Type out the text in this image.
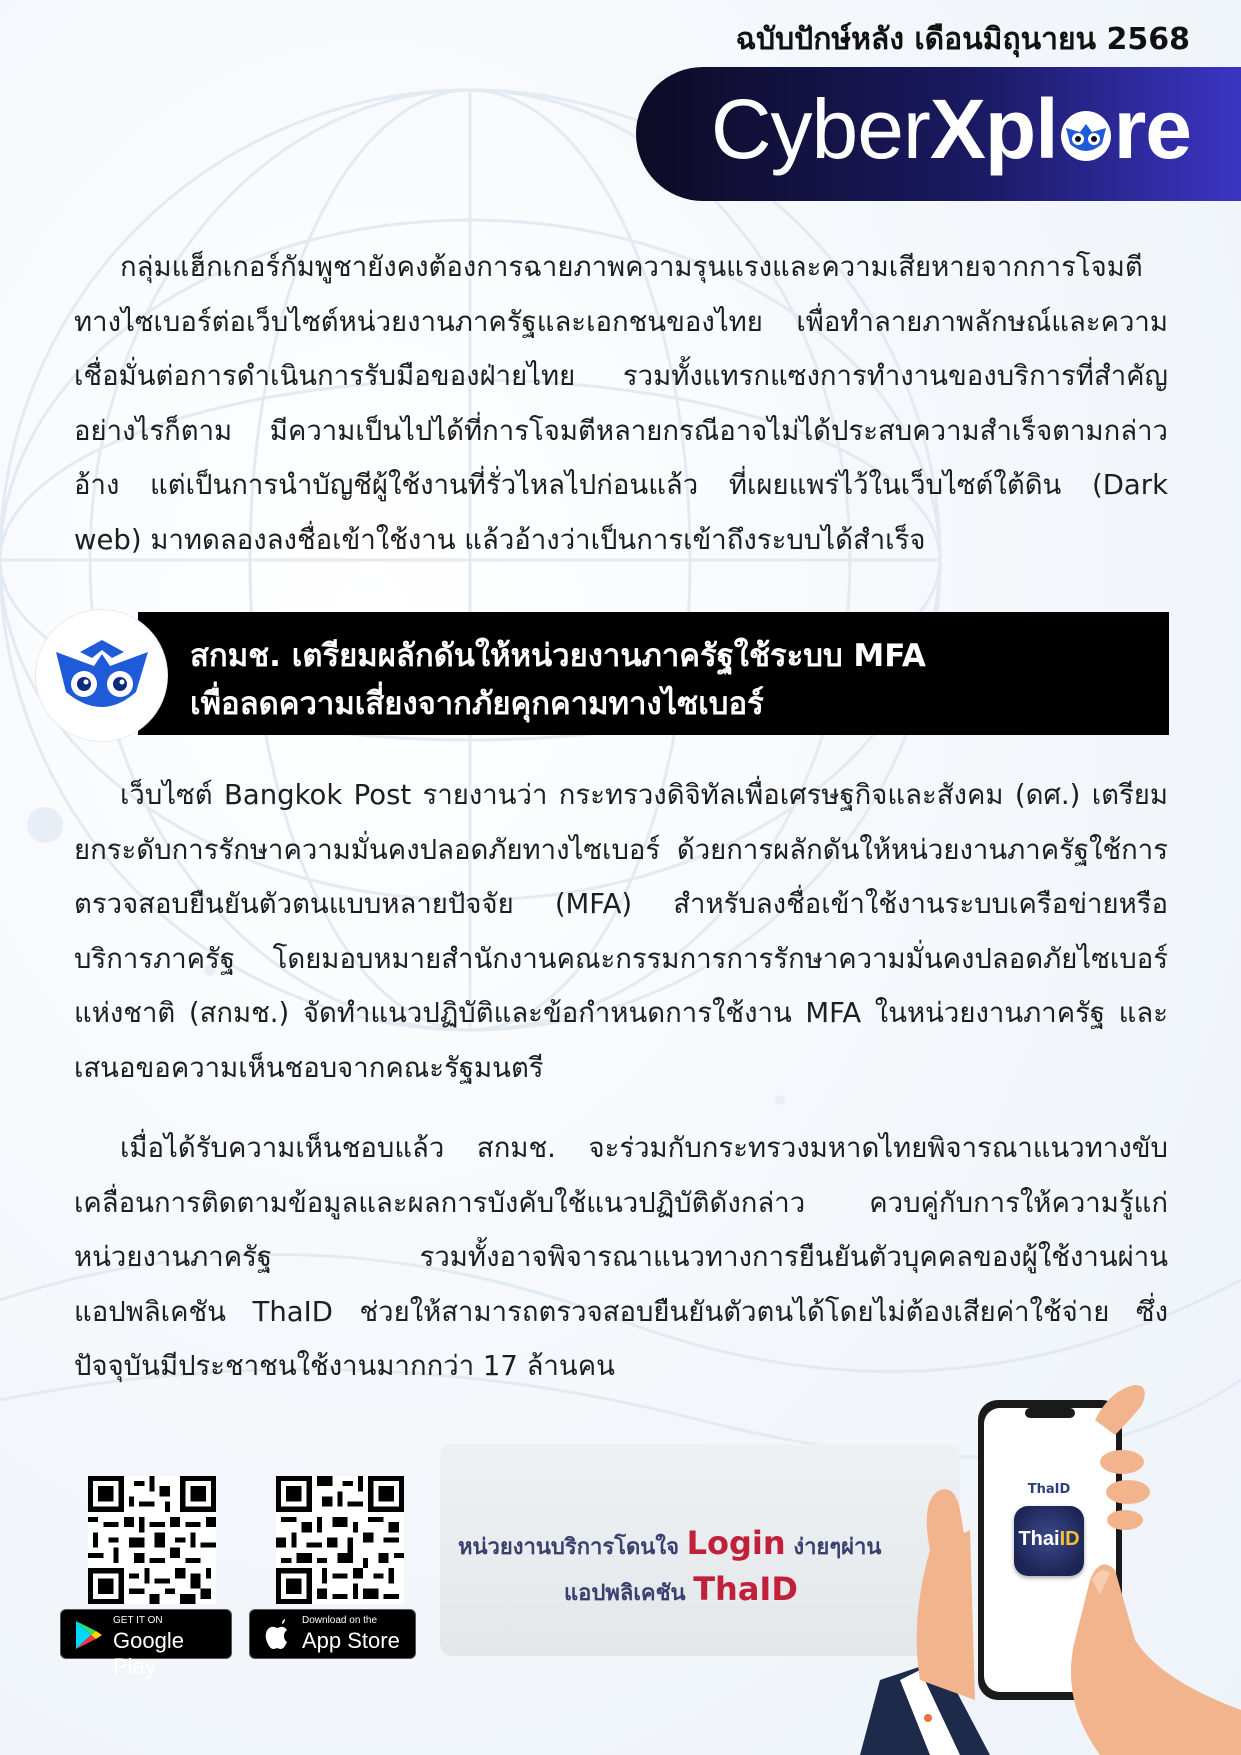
ฉบับปักษ์หลัง เดือนมิถุนายน 2568
CyberXpl re

กลุ่มแฮ็กเกอร์กัมพูชายังคงต้องการฉายภาพความรุนแรงและความเสียหายจากการโจมตีทางไซเบอร์ต่อเว็บไซต์หน่วยงานภาครัฐและเอกชนของไทย เพื่อทำลายภาพลักษณ์และความเชื่อมั่นต่อการดำเนินการรับมือของฝ่ายไทย รวมทั้งแทรกแซงการทำงานของบริการที่สำคัญ อย่างไรก็ตาม มีความเป็นไปได้ที่การโจมตีหลายกรณีอาจไม่ได้ประสบความสำเร็จตามกล่าวอ้าง แต่เป็นการนำบัญชีผู้ใช้งานที่รั่วไหลไปก่อนแล้ว ที่เผยแพร่ไว้ในเว็บไซต์ใต้ดิน (Dark web) มาทดลองลงชื่อเข้าใช้งาน แล้วอ้างว่าเป็นการเข้าถึงระบบได้สำเร็จ

สกมช. เตรียมผลักดันให้หน่วยงานภาครัฐใช้ระบบ MFA
เพื่อลดความเสี่ยงจากภัยคุกคามทางไซเบอร์

เว็บไซต์ Bangkok Post รายงานว่า กระทรวงดิจิทัลเพื่อเศรษฐกิจและสังคม (ดศ.) เตรียมยกระดับการรักษาความมั่นคงปลอดภัยทางไซเบอร์ ด้วยการผลักดันให้หน่วยงานภาครัฐใช้การตรวจสอบยืนยันตัวตนแบบหลายปัจจัย (MFA) สำหรับลงชื่อเข้าใช้งานระบบเครือข่ายหรือบริการภาครัฐ โดยมอบหมายสำนักงานคณะกรรมการการรักษาความมั่นคงปลอดภัยไซเบอร์แห่งชาติ (สกมช.) จัดทำแนวปฏิบัติและข้อกำหนดการใช้งาน MFA ในหน่วยงานภาครัฐ และเสนอขอความเห็นชอบจากคณะรัฐมนตรี

เมื่อได้รับความเห็นชอบแล้ว สกมช. จะร่วมกับกระทรวงมหาดไทยพิจารณาแนวทางขับเคลื่อนการติดตามข้อมูลและผลการบังคับใช้แนวปฏิบัติดังกล่าว ควบคู่กับการให้ความรู้แก่หน่วยงานภาครัฐ รวมทั้งอาจพิจารณาแนวทางการยืนยันตัวบุคคลของผู้ใช้งานผ่านแอปพลิเคชัน ThaID ช่วยให้สามารถตรวจสอบยืนยันตัวตนได้โดยไม่ต้องเสียค่าใช้จ่าย ซึ่งปัจจุบันมีประชาชนใช้งานมากกว่า 17 ล้านคน

GET IT ON
Google Play
Download on the
App Store
หน่วยงานบริการโดนใจ Login ง่ายๆผ่าน
แอปพลิเคชัน ThaID
ThaID
ThaiID
